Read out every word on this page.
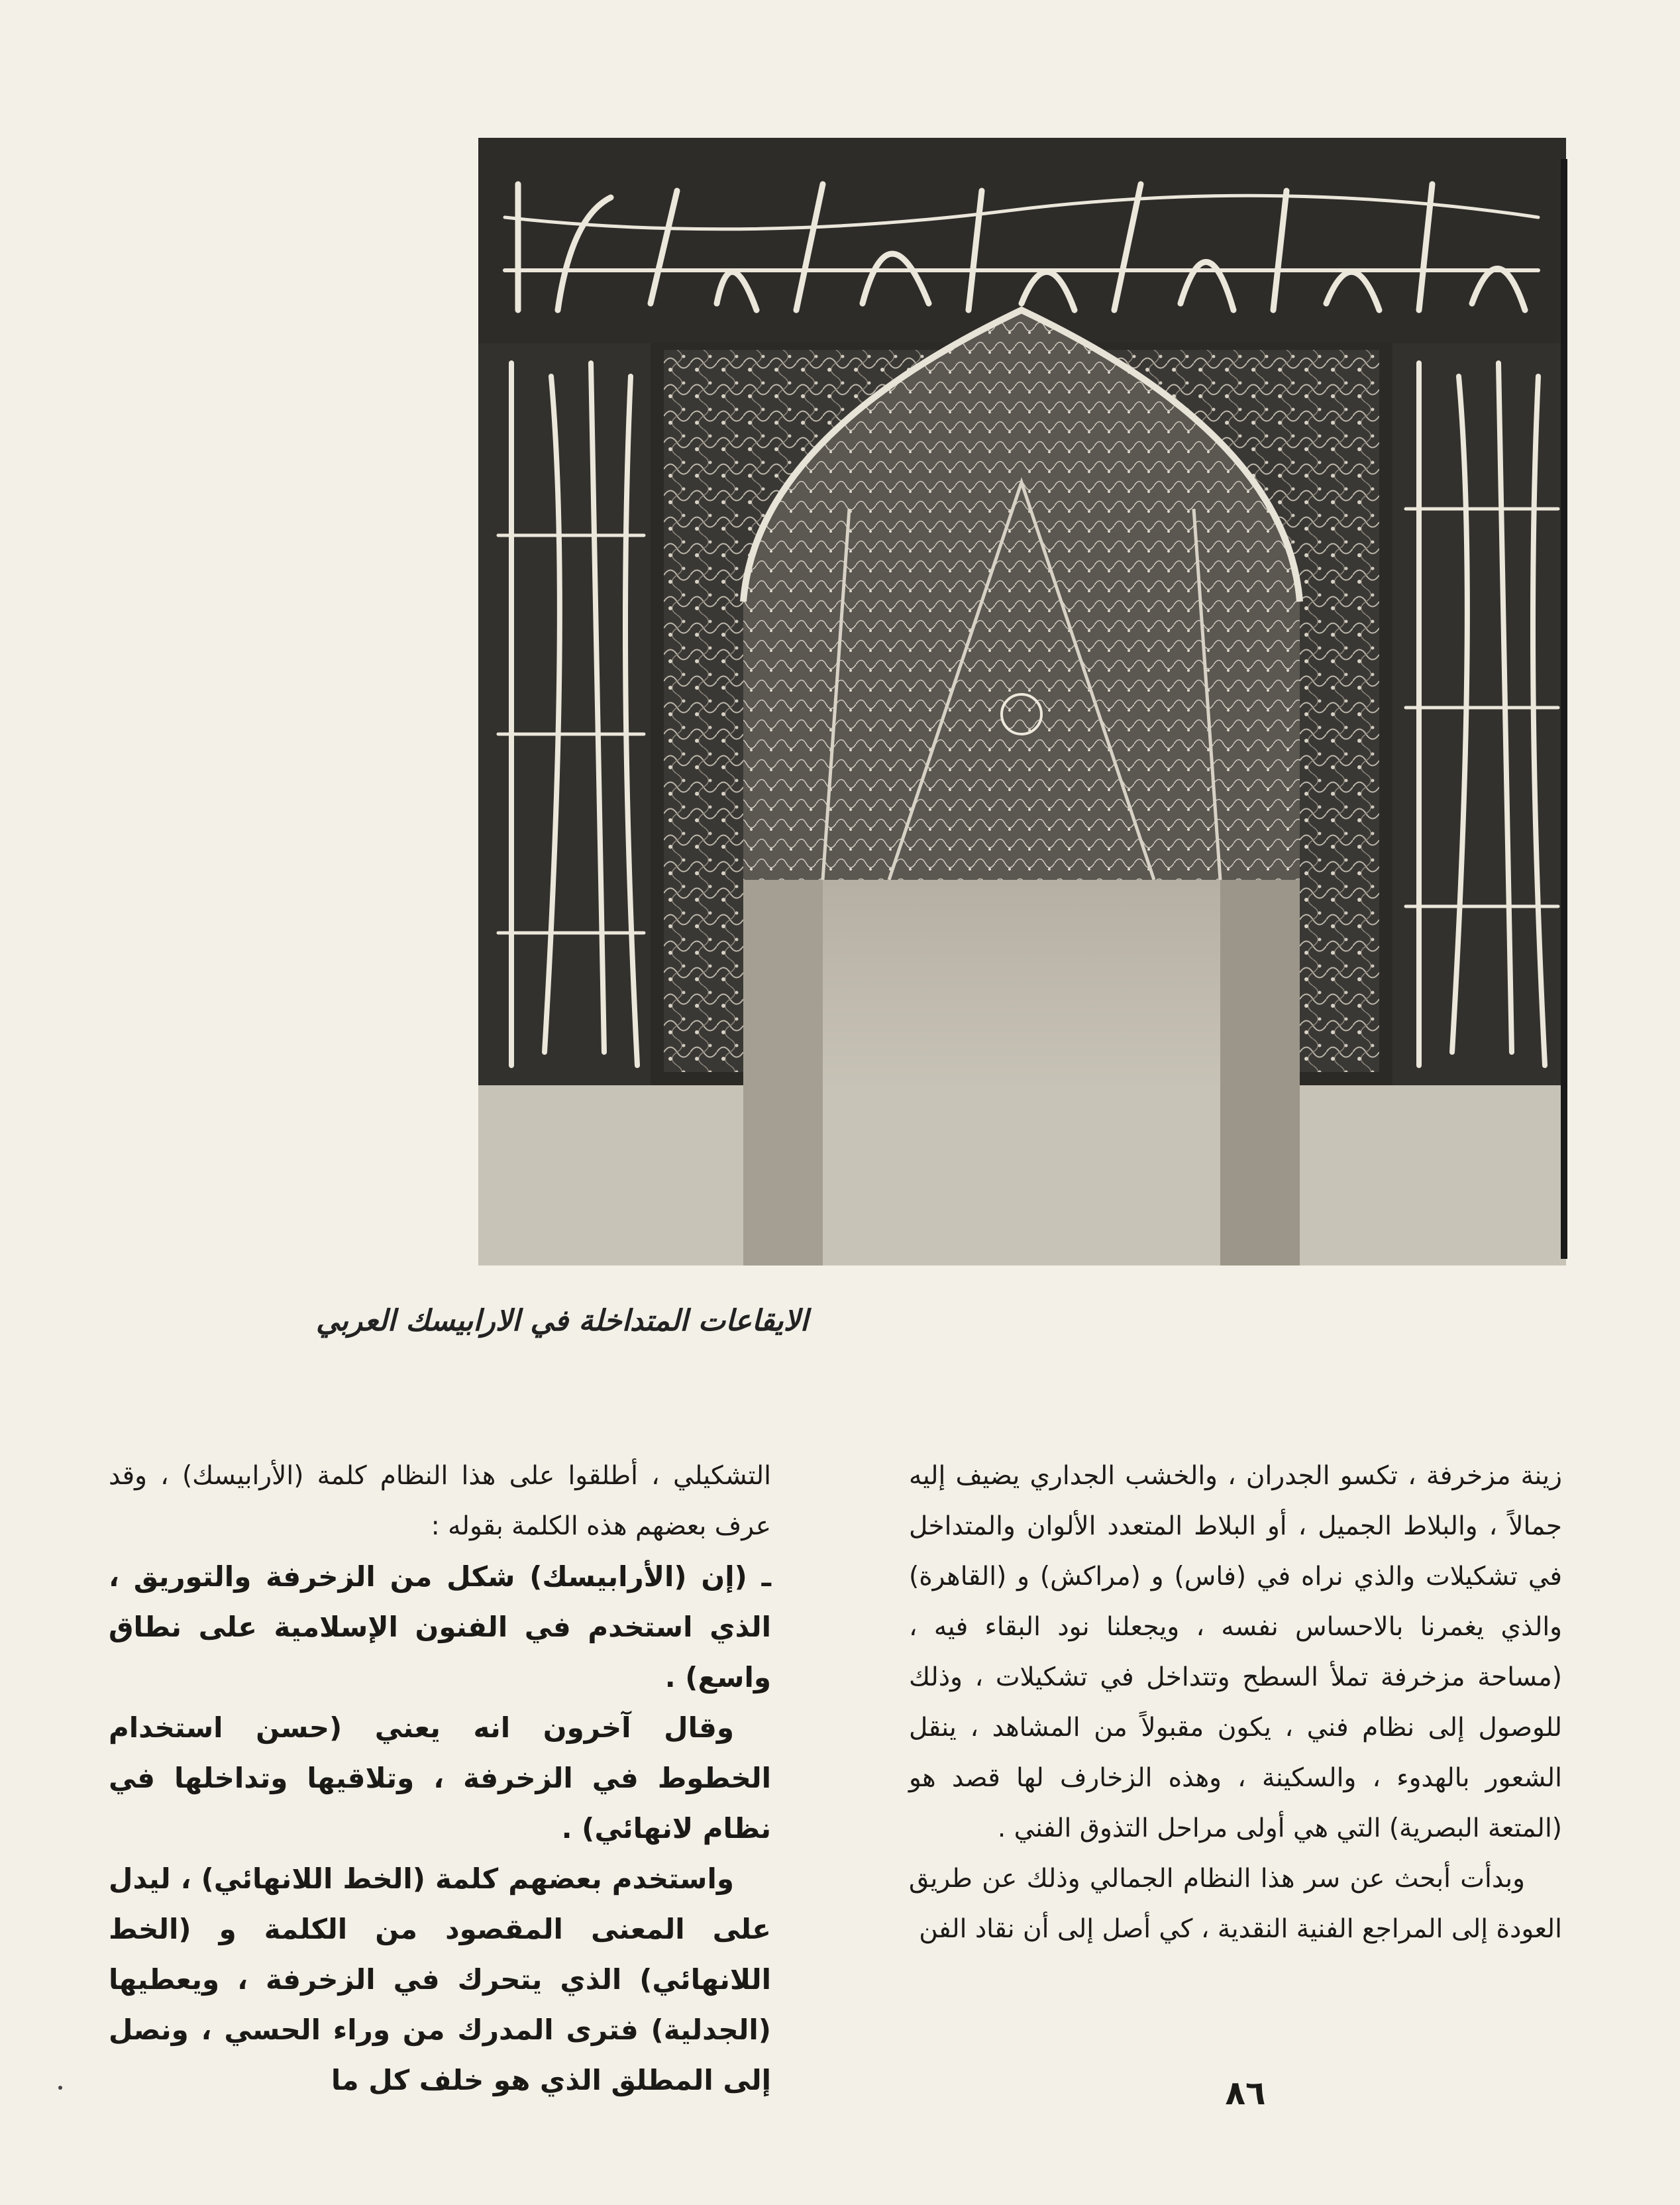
الايقاعات المتداخلة في الارابيسك العربي

زينة مزخرفة ، تكسو الجدران ، والخشب الجداري يضيف إليه جمالاً ، والبلاط الجميل ، أو البلاط المتعدد الألوان والمتداخل في تشكيلات والذي نراه في (فاس) و (مراكش) و (القاهرة) والذي يغمرنا بالاحساس نفسه ، ويجعلنا نود البقاء فيه ، (مساحة مزخرفة تملأ السطح وتتداخل في تشكيلات ، وذلك للوصول إلى نظام فني ، يكون مقبولاً من المشاهد ، ينقل الشعور بالهدوء ، والسكينة ، وهذه الزخارف لها قصد هو (المتعة البصرية) التي هي أولى مراحل التذوق الفني .

وبدأت أبحث عن سر هذا النظام الجمالي وذلك عن طريق العودة إلى المراجع الفنية النقدية ، كي أصل إلى أن نقاد الفن

التشكيلي ، أطلقوا على هذا النظام كلمة (الأرابيسك) ، وقد عرف بعضهم هذه الكلمة بقوله :

ـ (إن (الأرابيسك) شكل من الزخرفة والتوريق ، الذي استخدم في الفنون الإسلامية على نطاق واسع) .

وقال آخرون انه يعني (حسن استخدام الخطوط في الزخرفة ، وتلاقيها وتداخلها في نظام لانهائي) .

واستخدم بعضهم كلمة (الخط اللانهائي) ، ليدل على المعنى المقصود من الكلمة و (الخط اللانهائي) الذي يتحرك في الزخرفة ، ويعطيها (الجدلية) فترى المدرك من وراء الحسي ، ونصل إلى المطلق الذي هو خلف كل ما	٨٦
